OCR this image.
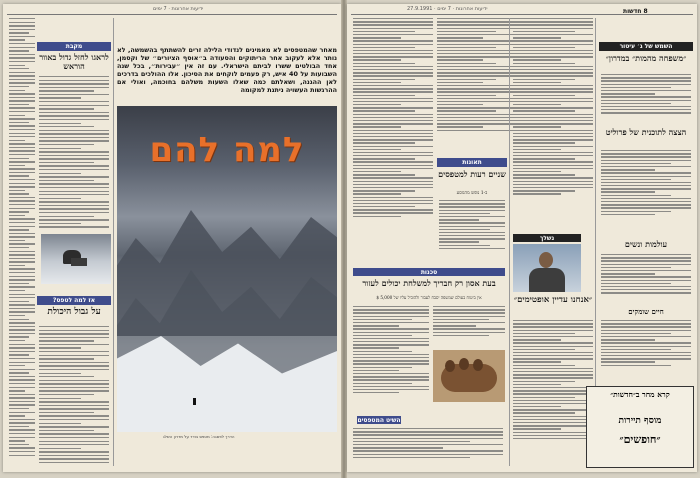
ידיעות אחרונות · 7 ימים
מקבת
לראגו לחזל גדול באוור הוראש
אז למה לטפס?
על גבול היכולת
מאחר שהמטפסים לא מאמינים לנדודי הלילה זרים להשתתף בהשמשה, לא נותר אלא לעקוב אחר הריתוקים והסעודה ב״אוסף הציורים״ של וקסמן, אחד הבולטים ששרו לביתם הישראלי. עם זה אין ״עבירות״, בכל שנה השבועות על 40 איש, רק פעמים לוקחים את הסיכון. אלו ההולכים בדרכים לאן ההגנה, ושאלתם כמה שאלו השעות משלהם בחוכמה, ואולי אם ההרגשות העשויה ניתנת למקומה
למה להם
הדרך לפסגה: מטפס בודד על מדרון השלג
ידיעות אחרונות · 7 ימים · 27.9.1991
תאונות
שניים רעות למטפסים
ב-1 נופש מהמסע
סכנות
בעת אסון רק חבריך למשלחת יכולים לעזור
אין ביטוח בעולם שמשפה יסבח לעבור ולהוביל עליו של 5,000 $
השיט המטפסים
נשלך
״אנחנו עדיין אופטימים״
8 חדשות
השמש של ג׳ עיטור
״משפחה מהמות״ במדרון״
הצצה לתוכנית של פרוליט
עולמות ונשים
חיים שומקים
קרא מחר ב״חדשות״
מוסף תיירות
״חופשים״
